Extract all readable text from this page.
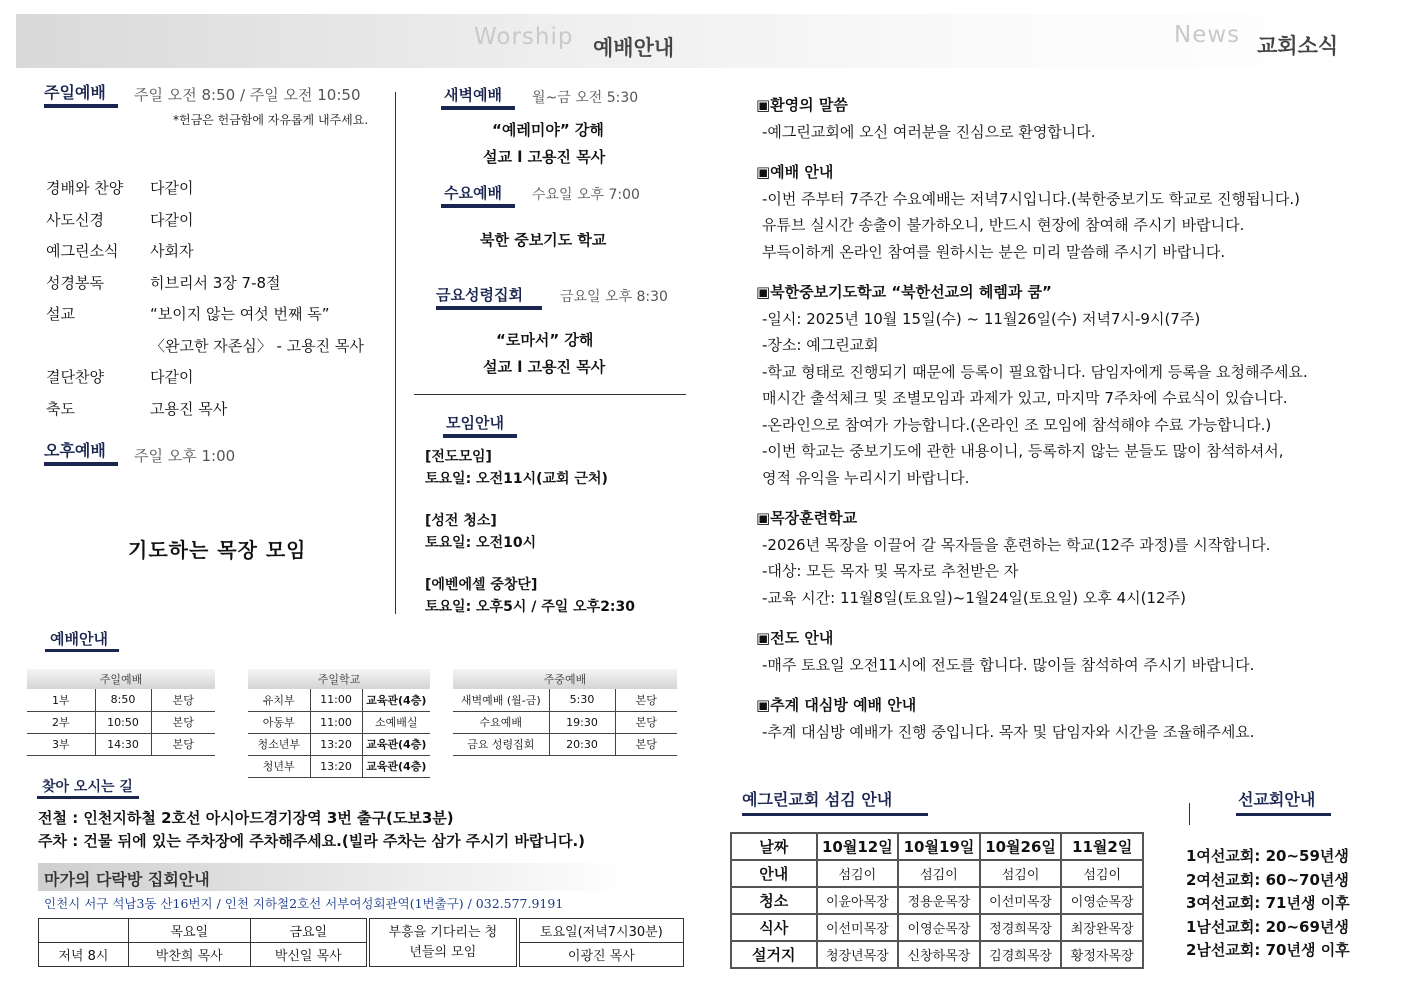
Worship 예배안내	News 교회소식
주일예배 주일 오전 8:50 / 주일 오전 10:50
*헌금은 헌금함에 자유롭게 내주세요.
경배와 찬양	다같이
사도신경	다같이
예그린소식	사회자
성경봉독	히브리서 3장 7-8절
설교	“보이지 않는 여섯 번째 독”
〈완고한 자존심〉 - 고용진 목사
결단찬양	다같이
축도	고용진 목사
오후예배 주일 오후 1:00
기도하는 목장 모임
새벽예배 월~금 오전 5:30
“예레미야” 강해
설교 l 고용진 목사
수요예배 수요일 오후 7:00
북한 중보기도 학교
금요성령집회	금요일 오후 8:30
“로마서” 강해
설교 l 고용진 목사
모임안내
[전도모임]
토요일: 오전11시(교회 근처)
[성전 청소]
토요일: 오전10시
[에벤에셀 중창단]
토요일: 오후5시 / 주일 오후2:30
예배안내
주일예배		
1부	8:50	본당
2부	10:50	본당
3부	14:30	본당
주일학교		
유치부	11:00	교육관(4층)
아동부	11:00	소예배실
청소년부	13:20	교육관(4층)
청년부	13:20	교육관(4층)
주중예배		
새벽예배 (월-금)	5:30	본당
수요예배	19:30	본당
금요 성령집회	20:30	본당
찾아 오시는 길
전철 : 인천지하철 2호선 아시아드경기장역 3번 출구(도보3분)
주차 : 건물 뒤에 있는 주차장에 주차해주세요.(빌라 주차는 삼가 주시기 바랍니다.)
마가의 다락방 집회안내
인천시 서구 석남3동 산16번지 / 인천 지하철2호선 서부여성회관역(1번출구) / 032.577.9191
	목요일	금요일	부흥을 기다리는 청년들의 모임	토요일(저녁7시30분)
저녁 8시	박찬희 목사	박신일 목사		이광진 목사

▣환영의 말씀

-예그린교회에 오신 여러분을 진심으로 환영합니다.

▣예배 안내

-이번 주부터 7주간 수요예배는 저녁7시입니다.(북한중보기도 학교로 진행됩니다.)

유튜브 실시간 송출이 불가하오니, 반드시 현장에 참여해 주시기 바랍니다.

부득이하게 온라인 참여를 원하시는 분은 미리 말씀해 주시기 바랍니다.

▣북한중보기도학교 “북한선교의 헤렘과 쿰”

-일시: 2025년 10월 15일(수) ~ 11월26일(수) 저녁7시-9시(7주)

-장소: 예그린교회

-학교 형태로 진행되기 때문에 등록이 필요합니다. 담임자에게 등록을 요청해주세요.

매시간 출석체크 및 조별모임과 과제가 있고, 마지막 7주차에 수료식이 있습니다.

-온라인으로 참여가 가능합니다.(온라인 조 모임에 참석해야 수료 가능합니다.)

-이번 학교는 중보기도에 관한 내용이니, 등록하지 않는 분들도 많이 참석하셔서,

영적 유익을 누리시기 바랍니다.

▣목장훈련학교

-2026년 목장을 이끌어 갈 목자들을 훈련하는 학교(12주 과정)를 시작합니다.

-대상: 모든 목자 및 목자로 추천받은 자

-교육 시간: 11월8일(토요일)~1월24일(토요일) 오후 4시(12주)

▣전도 안내

-매주 토요일 오전11시에 전도를 합니다. 많이들 참석하여 주시기 바랍니다.

▣추계 대심방 예배 안내

-추계 대심방 예배가 진행 중입니다. 목자 및 담임자와 시간을 조율해주세요.

예그린교회 섬김 안내
날짜	10월12일	10월19일	10월26일	11월2일
안내	섬김이	섬김이	섬김이	섬김이
청소	이윤아목장	정용운목장	이선미목장	이영순목장
식사	이선미목장	이영순목장	정경희목장	최장완목장
설거지	청장년목장	신창하목장	김경희목장	황정자목장
선교회안내
1여선교회: 20~59년생
2여선교회: 60~70년생
3여선교회: 71년생 이후
1남선교회: 20~69년생
2남선교회: 70년생 이후
